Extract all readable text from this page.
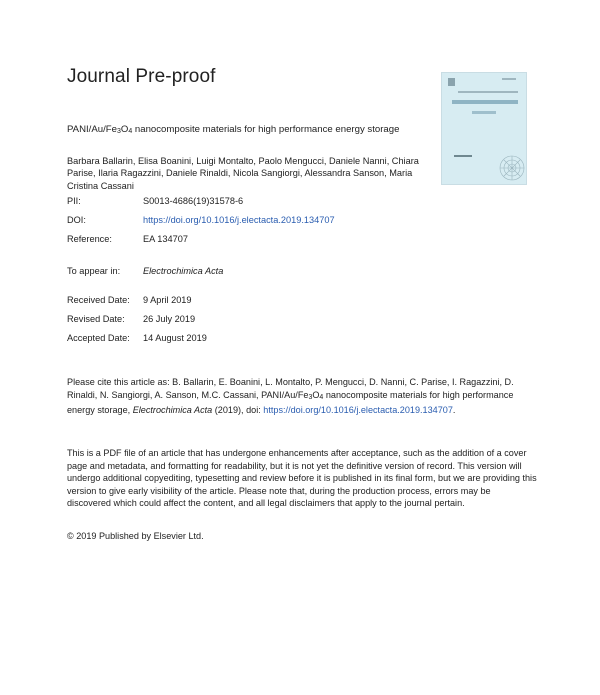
Journal Pre-proof
PANI/$Au/Fe_3O_4$ nanocomposite materials for high performance energy storage
Barbara Ballarin, Elisa Boanini, Luigi Montalto, Paolo Mengucci, Daniele Nanni, Chiara Parise, Ilaria Ragazzini, Daniele Rinaldi, Nicola Sangiorgi, Alessandra Sanson, Maria Cristina Cassani
PII:	S0013-4686(19)31578-6
DOI:	https://doi.org/10.1016/j.electacta.2019.134707
Reference:	EA 134707
To appear in: Electrochimica Acta
Received Date: 9 April 2019
Revised Date: 26 July 2019
Accepted Date: 14 August 2019
Please cite this article as: B. Ballarin, E. Boanini, L. Montalto, P. Mengucci, D. Nanni, C. Parise, I. Ragazzini, D. Rinaldi, N. Sangiorgi, A. Sanson, M.C. Cassani, PANI/$Au/Fe_3O_4$ nanocomposite materials for high performance energy storage, Electrochimica Acta (2019), doi: https://doi.org/10.1016/j.electacta.2019.134707.
This is a PDF file of an article that has undergone enhancements after acceptance, such as the addition of a cover page and metadata, and formatting for readability, but it is not yet the definitive version of record. This version will undergo additional copyediting, typesetting and review before it is published in its final form, but we are providing this version to give early visibility of the article. Please note that, during the production process, errors may be discovered which could affect the content, and all legal disclaimers that apply to the journal pertain.
© 2019 Published by Elsevier Ltd.
